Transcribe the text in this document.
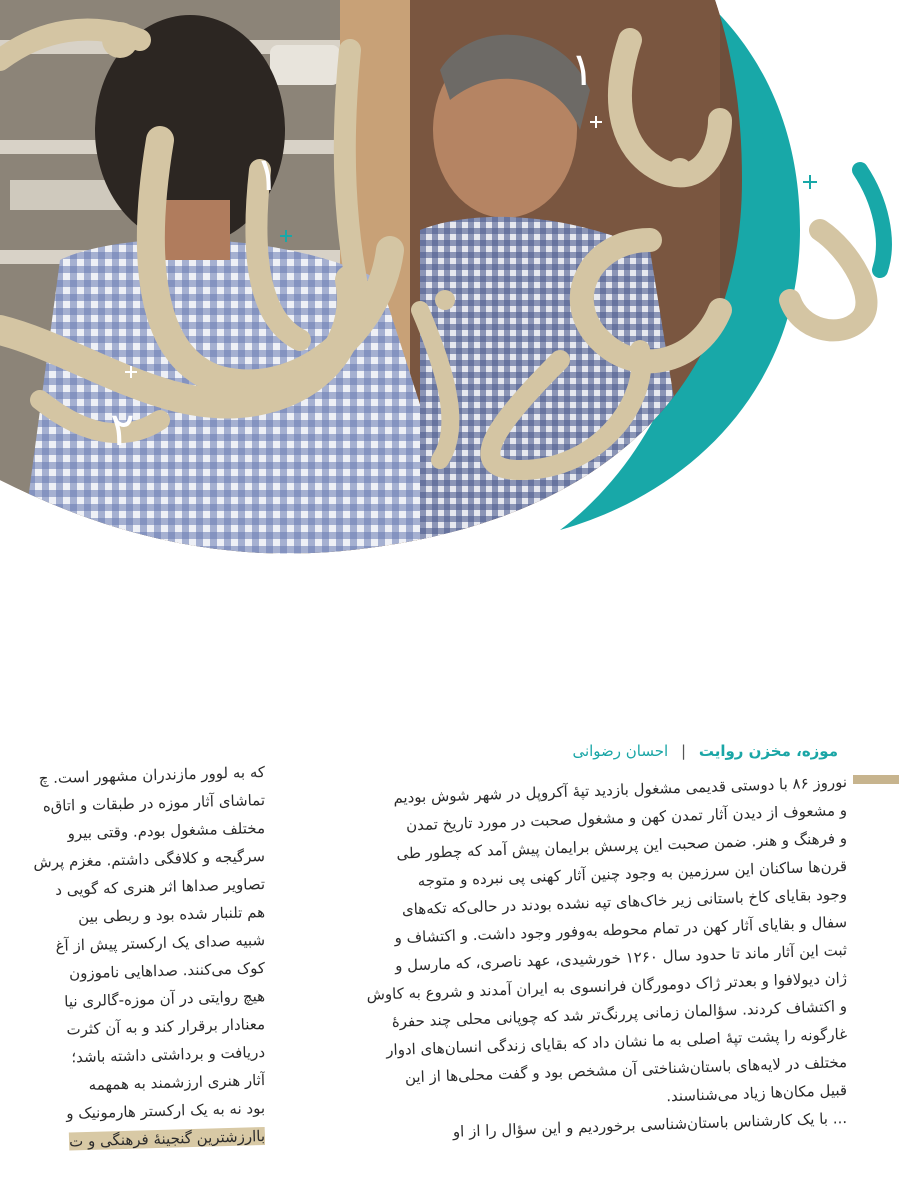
۱
۱
۲
موزه، مخزن روایت | احسان رضوانی
نوروز ۸۶ با دوستی قدیمی مشغول بازدید تپهٔ آکروپل در شهر شوش بودیم
و مشعوف از دیدن آثار تمدن کهن و مشغول صحبت در مورد تاریخ تمدن
و فرهنگ و هنر. ضمن صحبت این پرسش برایمان پیش آمد که چطور طی
قرن‌ها ساکنان این سرزمین به وجود چنین آثار کهنی پی نبرده و متوجه
وجود بقایای کاخ باستانی زیر خاک‌های تپه نشده بودند در حالی‌که تکه‌های
سفال و بقایای آثار کهن در تمام محوطه به‌وفور وجود داشت. و اکتشاف و
ثبت این آثار ماند تا حدود سال ۱۲۶۰ خورشیدی، عهد ناصری، که مارسل و
ژان دیولافوا و بعدتر ژاک دومورگان فرانسوی به ایران آمدند و شروع به کاوش
و اکتشاف کردند. سؤالمان زمانی پررنگ‌تر شد که چوپانی محلی چند حفرهٔ
غارگونه را پشت تپهٔ اصلی به ما نشان داد که بقایای زندگی انسان‌های ادوار
مختلف در لایه‌های باستان‌شناختی آن مشخص بود و گفت محلی‌ها از این
قبیل مکان‌ها زیاد می‌شناسند.
... با یک کارشناس باستان‌شناسی برخوردیم و این سؤال را از او
که به لوور مازندران مشهور است. چ
تماشای آثار موزه در طبقات و اتاق‌ه
مختلف مشغول بودم. وقتی بیرو
سرگیجه و کلافگی داشتم. مغزم پرش
تصاویر صداها اثر هنری که گویی د
هم تلنبار شده بود و ربطی بین
شبیه صدای یک ارکستر پیش از آغ
کوک می‌کنند. صداهایی ناموزون
هیچ روایتی در آن موزه-گالری نیا
معنادار برقرار کند و به آن کثرت
دریافت و برداشتی داشته باشد؛
آثار هنری ارزشمند به همهمه
بود نه به یک ارکستر هارمونیک و
باارزشترین گنجینهٔ فرهنگی و ت
